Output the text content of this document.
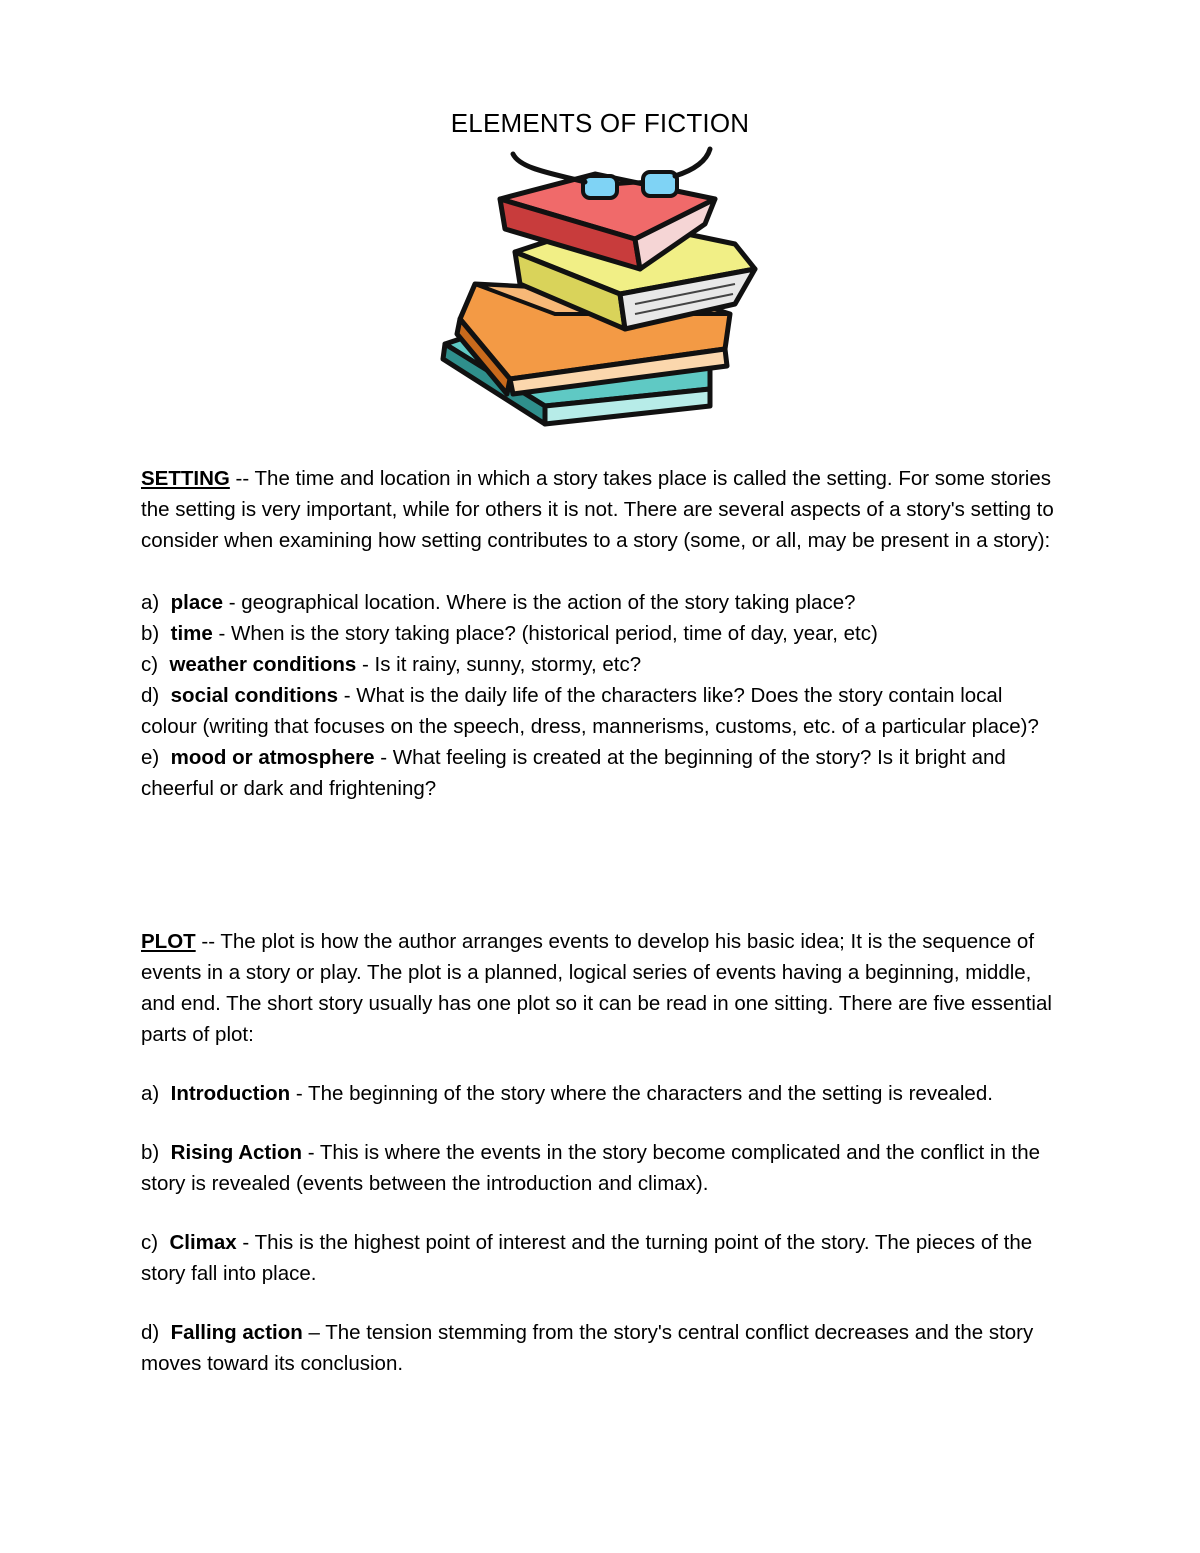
ELEMENTS OF FICTION

SETTING -- The time and location in which a story takes place is called the setting. For some stories the setting is very important, while for others it is not. There are several aspects of a story's setting to consider when examining how setting contributes to a story (some, or all, may be present in a story):

a) place - geographical location. Where is the action of the story taking place?

b) time - When is the story taking place? (historical period, time of day, year, etc)

c) weather conditions - Is it rainy, sunny, stormy, etc?

d) social conditions - What is the daily life of the characters like? Does the story contain local colour (writing that focuses on the speech, dress, mannerisms, customs, etc. of a particular place)?

e) mood or atmosphere - What feeling is created at the beginning of the story? Is it bright and cheerful or dark and frightening?

PLOT -- The plot is how the author arranges events to develop his basic idea; It is the sequence of events in a story or play. The plot is a planned, logical series of events having a beginning, middle, and end. The short story usually has one plot so it can be read in one sitting. There are five essential parts of plot:

a) Introduction - The beginning of the story where the characters and the setting is revealed.

b) Rising Action - This is where the events in the story become complicated and the conflict in the story is revealed (events between the introduction and climax).

c) Climax - This is the highest point of interest and the turning point of the story. The pieces of the story fall into place.

d) Falling action – The tension stemming from the story's central conflict decreases and the story moves toward its conclusion.
